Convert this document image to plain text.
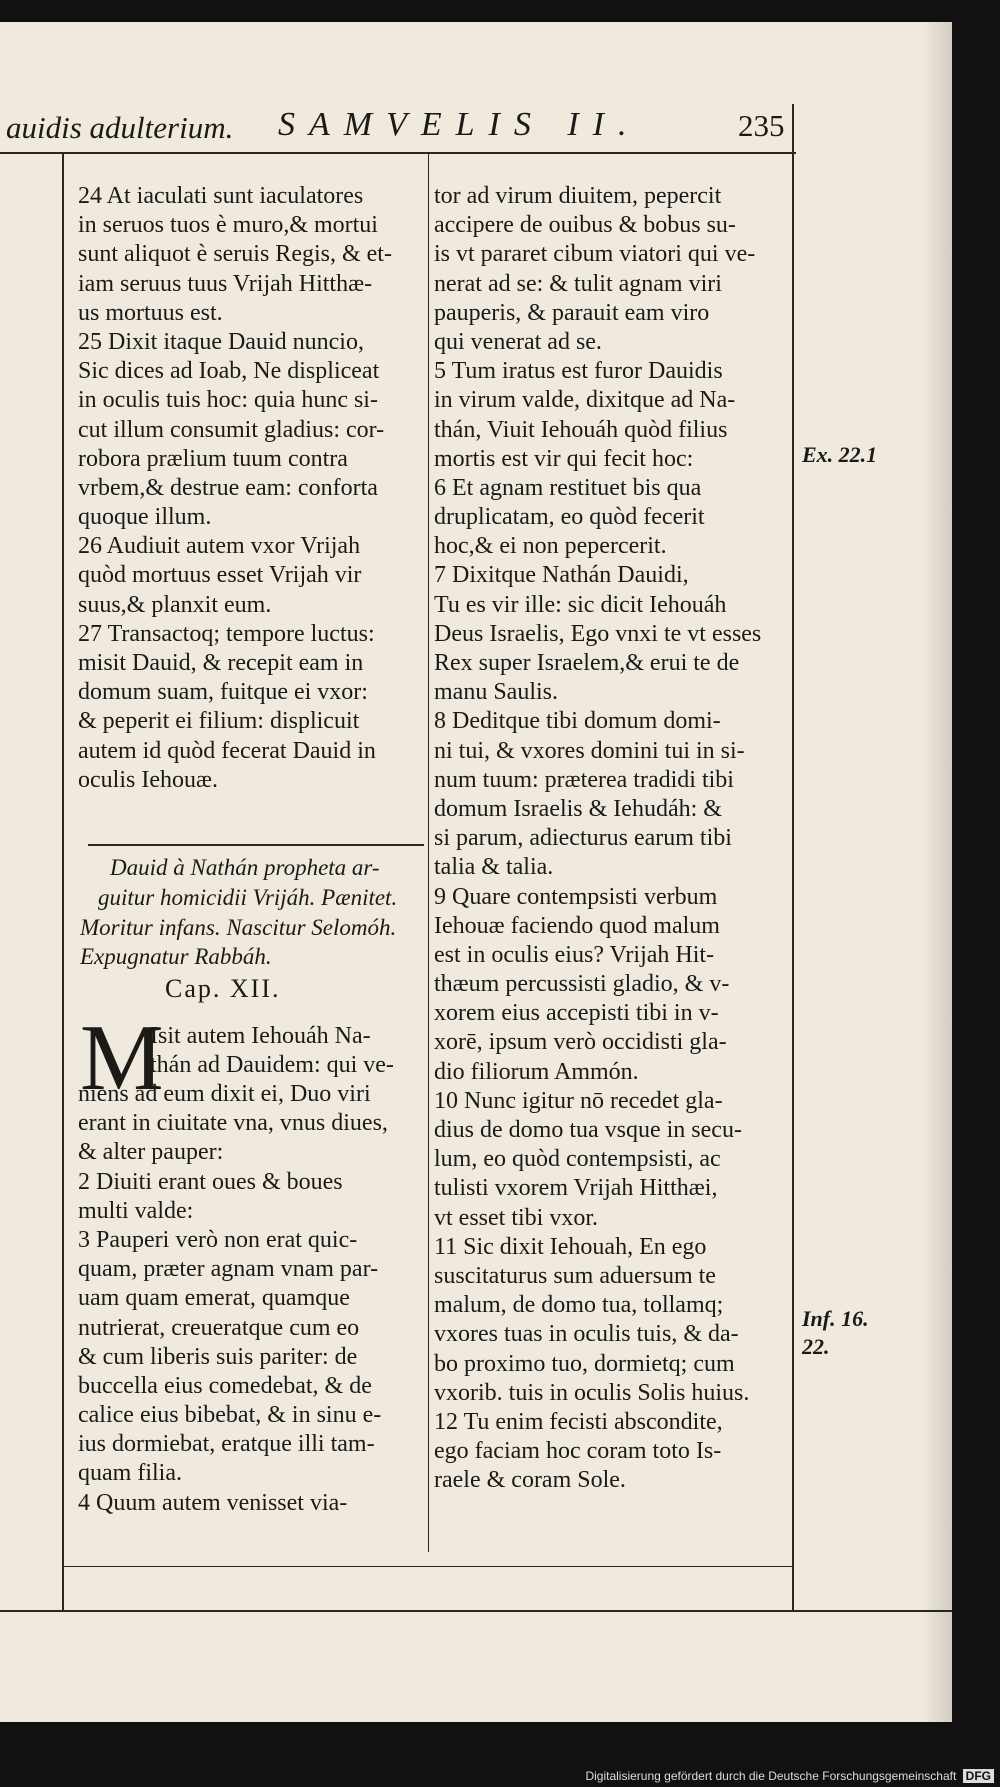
auidis adulterium. SAMVELIS II.	235
24 At iaculati sunt iaculatores
in seruos tuos è muro,& mortui
sunt aliquot è seruis Regis, & et-
iam seruus tuus Vrijah Hitthæ-
us mortuus est.
25 Dixit itaque Dauid nuncio,
Sic dices ad Ioab, Ne displiceat
in oculis tuis hoc: quia hunc si-
cut illum consumit gladius: cor-
robora prælium tuum contra
vrbem,& destrue eam: conforta
quoque illum.
26 Audiuit autem vxor Vrijah
quòd mortuus esset Vrijah vir
suus,& planxit eum.
27 Transactoq; tempore luctus:
misit Dauid, & recepit eam in
domum suam, fuitque ei vxor:
& peperit ei filium: displicuit
autem id quòd fecerat Dauid in
oculis Iehouæ.
Dauid à Nathán propheta ar-
guitur homicidii Vrijáh. Pænitet.
Moritur infans. Nascitur Selomóh.
Expugnatur Rabbáh.
Cap. XII.
M
Isit autem Iehouáh Na-
thán ad Dauidem: qui ve-
niens ad eum dixit ei, Duo viri
erant in ciuitate vna, vnus diues,
& alter pauper:
2 Diuiti erant oues & boues
multi valde:
3 Pauperi verò non erat quic-
quam, præter agnam vnam par-
uam quam emerat, quamque
nutrierat, creueratque cum eo
& cum liberis suis pariter: de
buccella eius comedebat, & de
calice eius bibebat, & in sinu e-
ius dormiebat, eratque illi tam-
quam filia.
4 Quum autem venisset via-
tor ad virum diuitem, pepercit
accipere de ouibus & bobus su-
is vt pararet cibum viatori qui ve-
nerat ad se: & tulit agnam viri
pauperis, & parauit eam viro
qui venerat ad se.
5 Tum iratus est furor Dauidis
in virum valde, dixitque ad Na-
thán, Viuit Iehouáh quòd filius
mortis est vir qui fecit hoc:
6 Et agnam restituet bis qua
druplicatam, eo quòd fecerit
hoc,& ei non pepercerit.
7 Dixitque Nathán Dauidi,
Tu es vir ille: sic dicit Iehouáh
Deus Israelis, Ego vnxi te vt esses
Rex super Israelem,& erui te de
manu Saulis.
8 Deditque tibi domum domi-
ni tui, & vxores domini tui in si-
num tuum: præterea tradidi tibi
domum Israelis & Iehudáh: &
si parum, adiecturus earum tibi
talia & talia.
9 Quare contempsisti verbum
Iehouæ faciendo quod malum
est in oculis eius? Vrijah Hit-
thæum percussisti gladio, & v-
xorem eius accepisti tibi in v-
xorē, ipsum verò occidisti gla-
dio filiorum Ammón.
10 Nunc igitur nō recedet gla-
dius de domo tua vsque in secu-
lum, eo quòd contempsisti, ac
tulisti vxorem Vrijah Hitthæi,
vt esset tibi vxor.
11 Sic dixit Iehouah, En ego
suscitaturus sum aduersum te
malum, de domo tua, tollamq;
vxores tuas in oculis tuis, & da-
bo proximo tuo, dormietq; cum
vxorib. tuis in oculis Solis huius.
12 Tu enim fecisti abscondite,
ego faciam hoc coram toto Is-
raele & coram Sole.
Ex. 22.1
Inf. 16.
22.
Digitalisierung gefördert durch die Deutsche Forschungsgemeinschaft DFG
